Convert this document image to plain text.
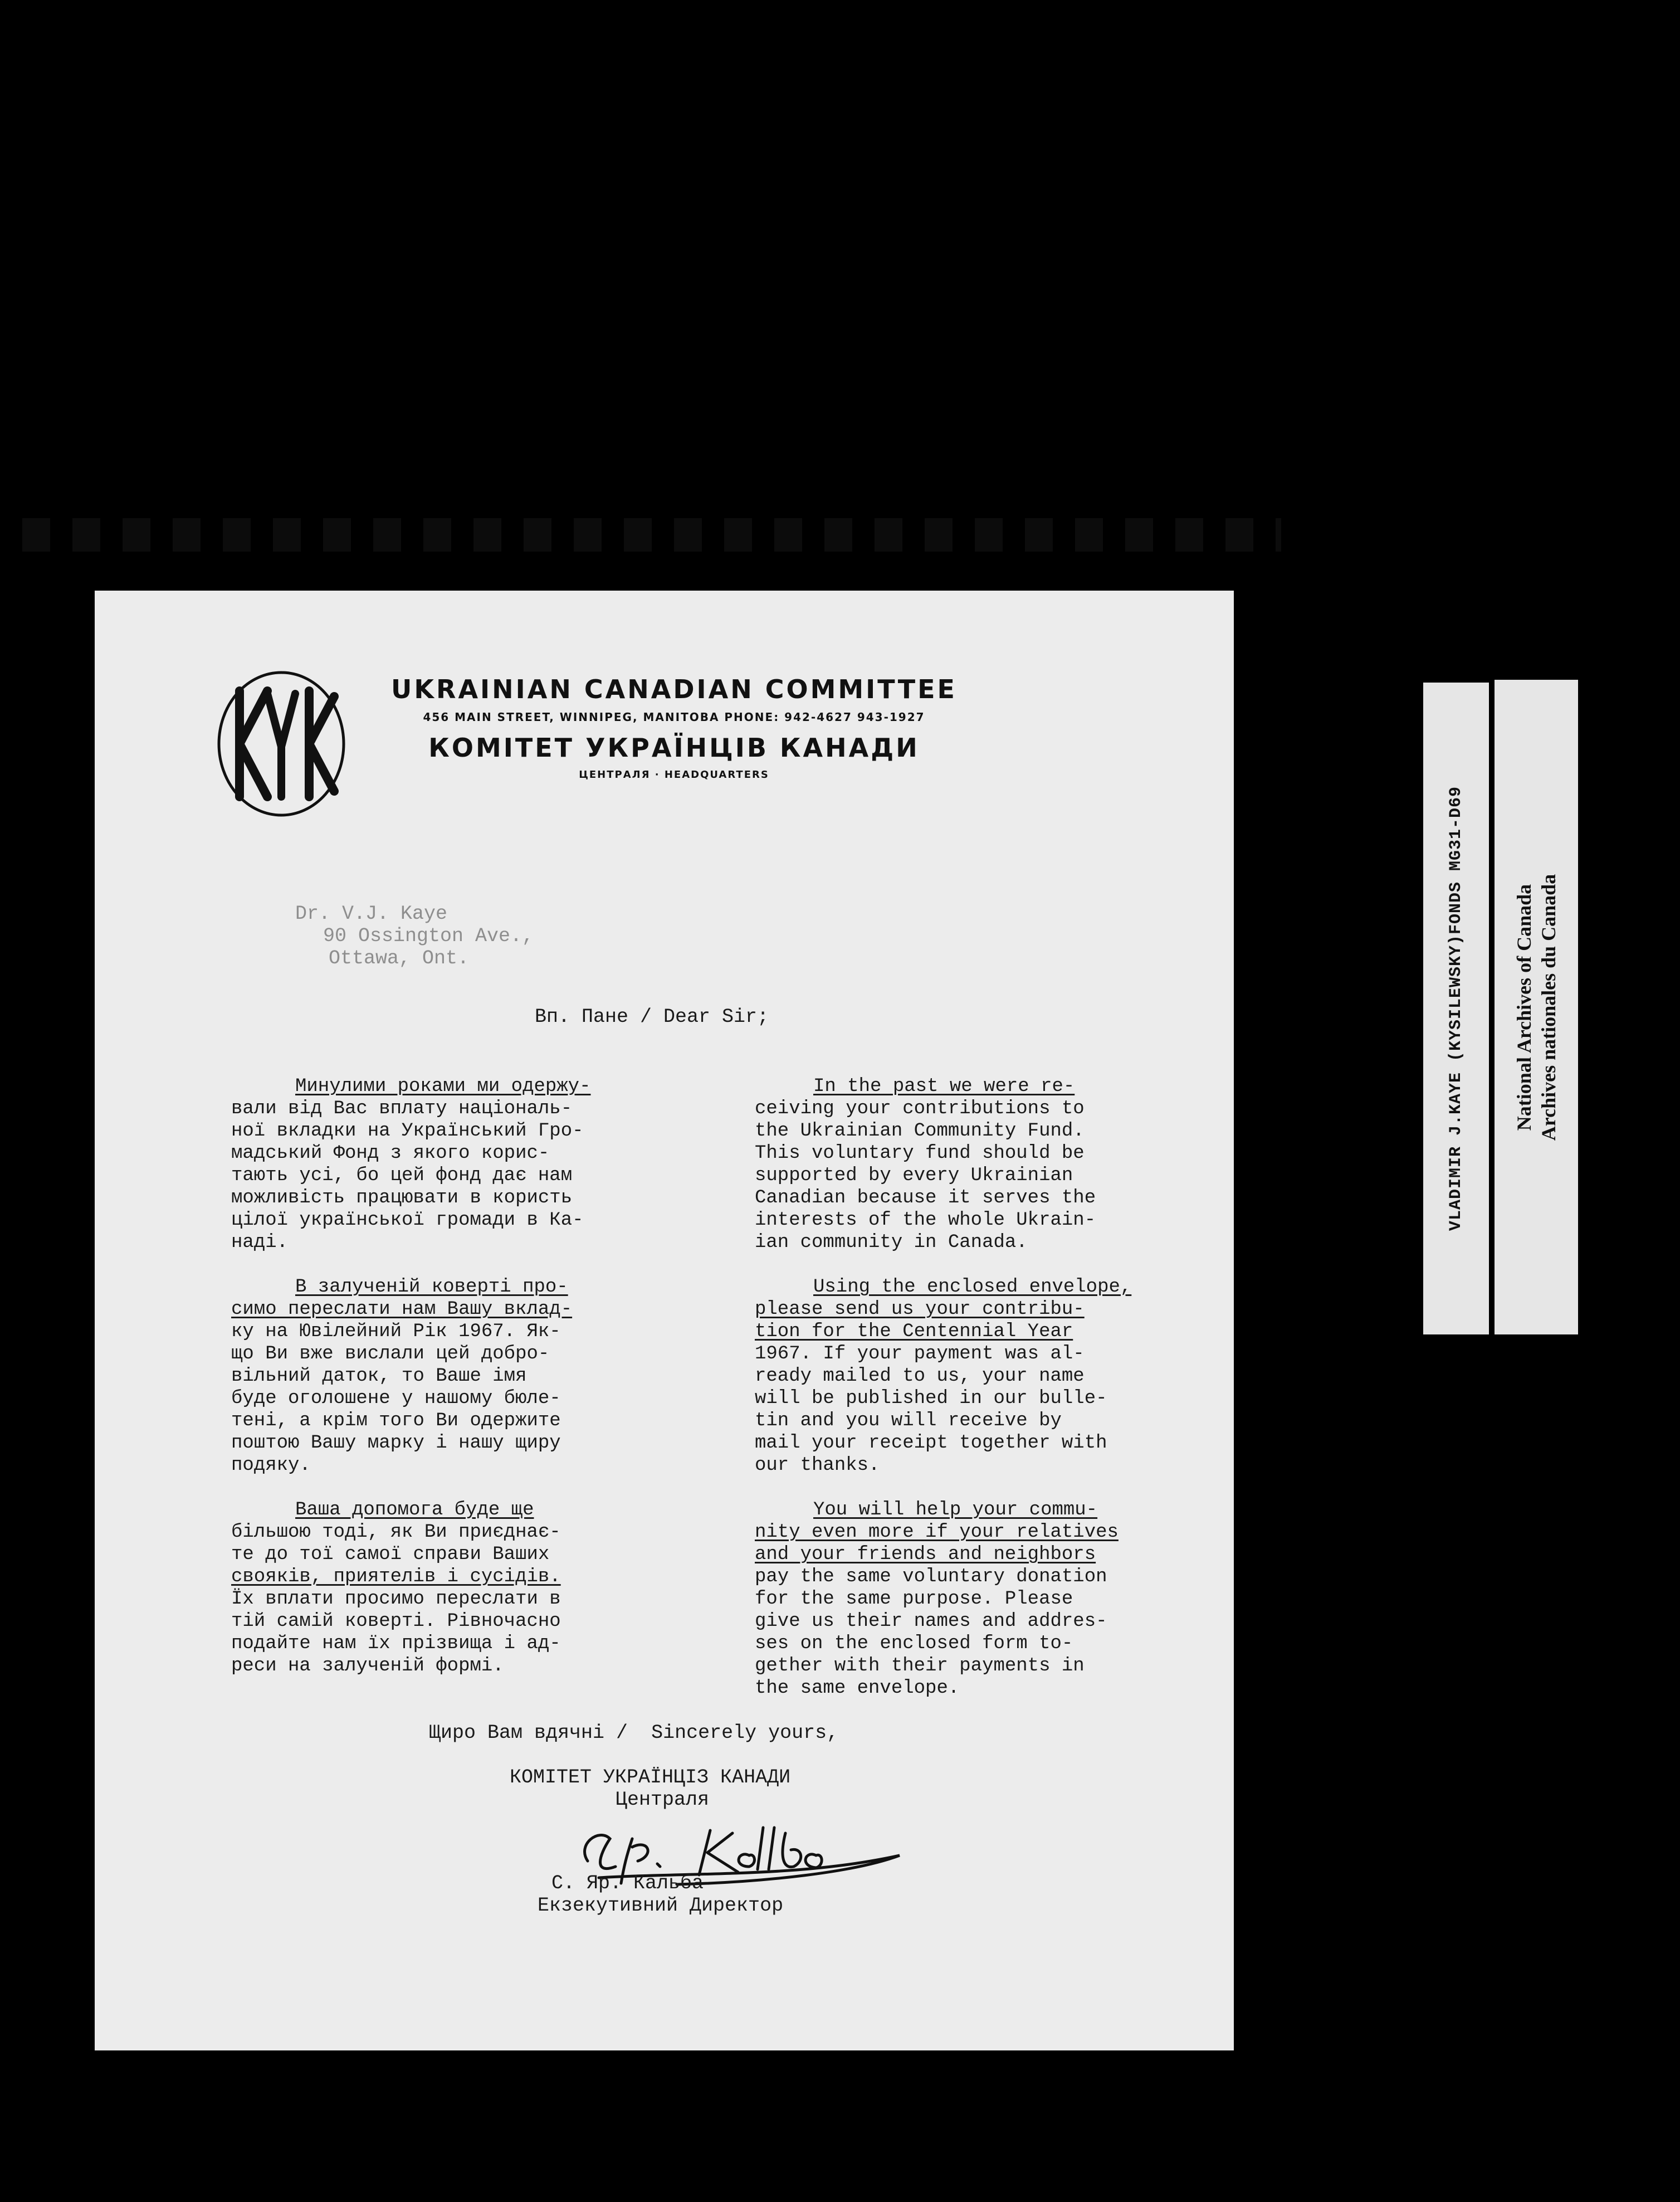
UKRAINIAN CANADIAN COMMITTEE
456 MAIN STREET, WINNIPEG, MANITOBA PHONE: 942-4627 943-1927
КОМІТЕТ УКРАЇНЦІВ КАНАДИ
ЦЕНТРАЛЯ · HEADQUARTERS
Dr. V.J. Kaye
90 Ossington Ave.,
Ottawa, Ont.
Вп. Пане / Dear Sir;
Минулими роками ми одержу-
вали від Вас вплату національ-
ної вкладки на Український Гро-
мадський Фонд з якого корис-
тають усі, бо цей фонд дає нам
можливість працювати в користь
цілої української громади в Ка-
наді.
В залученій коверті про-
симо переслати нам Вашу вклад-
ку на Ювілейний Рік 1967. Як-
що Ви вже вислали цей добро-
вільний даток, то Ваше імя
буде оголошене у нашому бюле-
тені, а крім того Ви одержите
поштою Вашу марку і нашу щиру
подяку.
Ваша допомога буде ще
більшою тоді, як Ви приєднає-
те до тої самої справи Ваших
свояків, приятелів і сусідів.
Їх вплати просимо переслати в
тій самій коверті. Рівночасно
подайте нам їх прізвища і ад-
реси на залученій формі.
In the past we were re-
ceiving your contributions to
the Ukrainian Community Fund.
This voluntary fund should be
supported by every Ukrainian
Canadian because it serves the
interests of the whole Ukrain-
ian community in Canada.
Using the enclosed envelope,
please send us your contribu-
tion for the Centennial Year
1967. If your payment was al-
ready mailed to us, your name
will be published in our bulle-
tin and you will receive by
mail your receipt together with
our thanks.
You will help your commu-
nity even more if your relatives
and your friends and neighbors
pay the same voluntary donation
for the same purpose. Please
give us their names and addres-
ses on the enclosed form to-
gether with their payments in
the same envelope.
Щиро Вам вдячні /  Sincerely yours,
КОМІТЕТ УКРАЇНЦІЗ КАНАДИ
Централя
С. Яр. Кальба
Екзекутивний Директор
VLADIMIR J.KAYE (KYSILEWSKY)FONDS MG31-D69 National Archives of Canada Archives nationales du Canada
